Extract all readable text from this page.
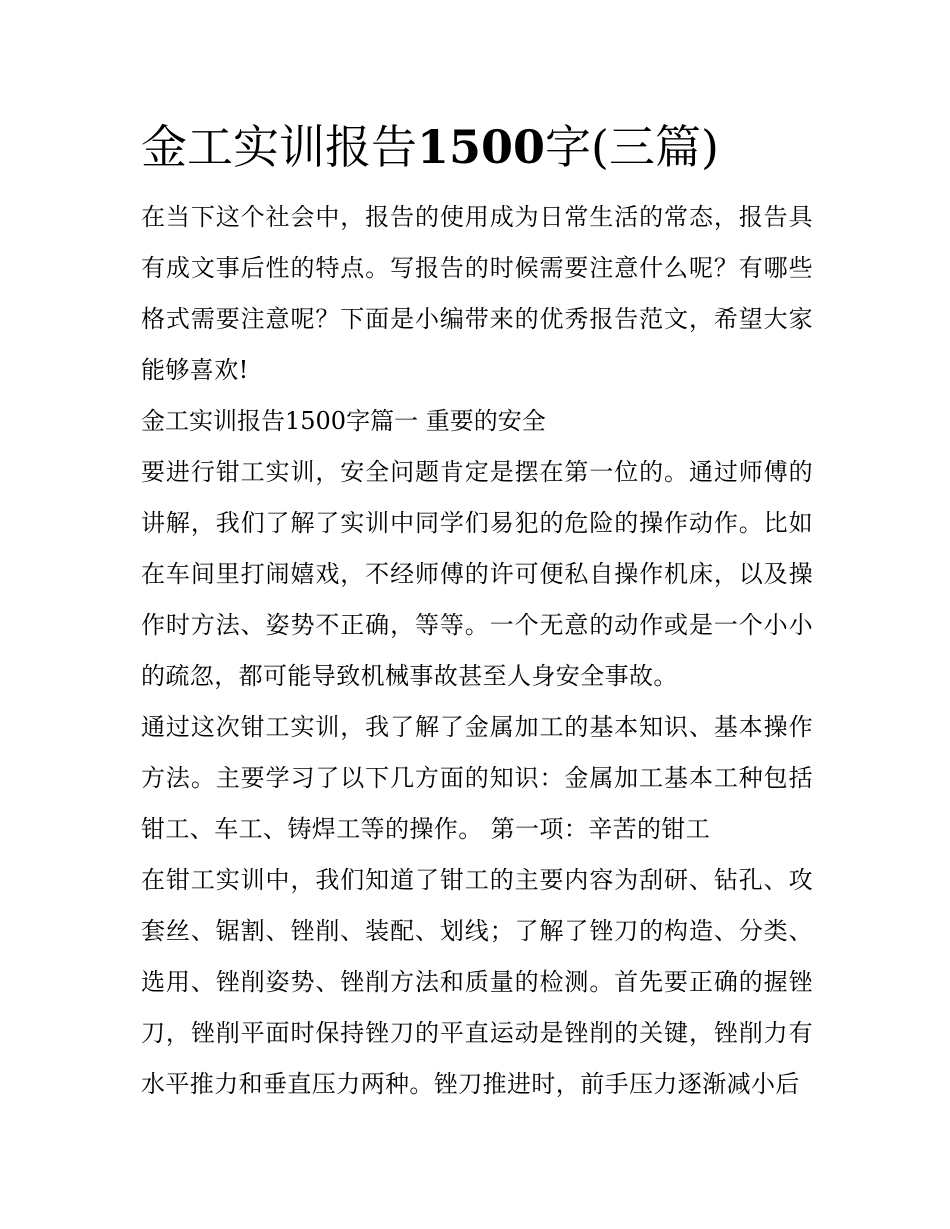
金工实训报告1500字(三篇)

在当下这个社会中，报告的使用成为日常生活的常态，报告具有成文事后性的特点。写报告的时候需要注意什么呢？有哪些格式需要注意呢？下面是小编带来的优秀报告范文，希望大家能够喜欢!

金工实训报告1500字篇一 重要的安全

要进行钳工实训，安全问题肯定是摆在第一位的。通过师傅的讲解，我们了解了实训中同学们易犯的危险的操作动作。比如在车间里打闹嬉戏，不经师傅的许可便私自操作机床，以及操作时方法、姿势不正确，等等。一个无意的动作或是一个小小的疏忽，都可能导致机械事故甚至人身安全事故。

通过这次钳工实训，我了解了金属加工的基本知识、基本操作方法。主要学习了以下几方面的知识：金属加工基本工种包括钳工、车工、铸焊工等的操作。 第一项：辛苦的钳工

在钳工实训中，我们知道了钳工的主要内容为刮研、钻孔、攻套丝、锯割、锉削、装配、划线；了解了锉刀的构造、分类、选用、锉削姿势、锉削方法和质量的检测。首先要正确的握锉刀，锉削平面时保持锉刀的平直运动是锉削的关键，锉削力有水平推力和垂直压力两种。锉刀推进时，前手压力逐渐减小后
